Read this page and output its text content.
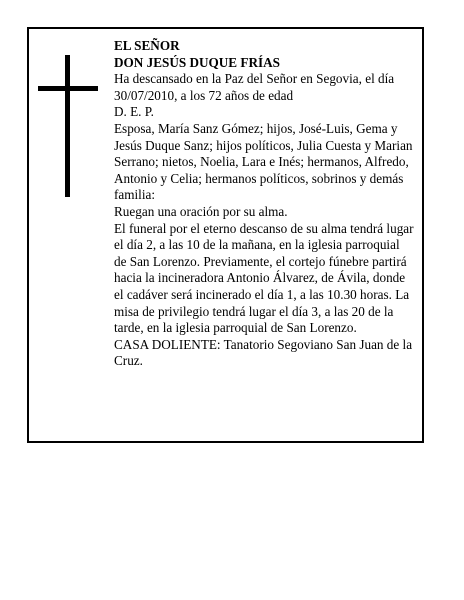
EL SEÑOR

DON JESÚS DUQUE FRÍAS

Ha descansado en la Paz del Señor en Segovia, el día 30/07/2010, a los 72 años de edad

D. E. P.

Esposa, María Sanz Gómez; hijos, José-Luis, Gema y Jesús Duque Sanz; hijos políticos, Julia Cuesta y Marian Serrano; nietos, Noelia, Lara e Inés; hermanos, Alfredo, Antonio y Celia; hermanos políticos, sobrinos y demás familia:

Ruegan una oración por su alma.

El funeral por el eterno descanso de su alma tendrá lugar el día 2, a las 10 de la mañana, en la iglesia parroquial de San Lorenzo. Previamente, el cortejo fúnebre partirá hacia la incineradora Antonio Álvarez, de Ávila, donde el cadáver será incinerado el día 1, a las 10.30 horas. La misa de privilegio tendrá lugar el día 3, a las 20 de la tarde, en la iglesia parroquial de San Lorenzo.

CASA DOLIENTE: Tanatorio Segoviano San Juan de la Cruz.
